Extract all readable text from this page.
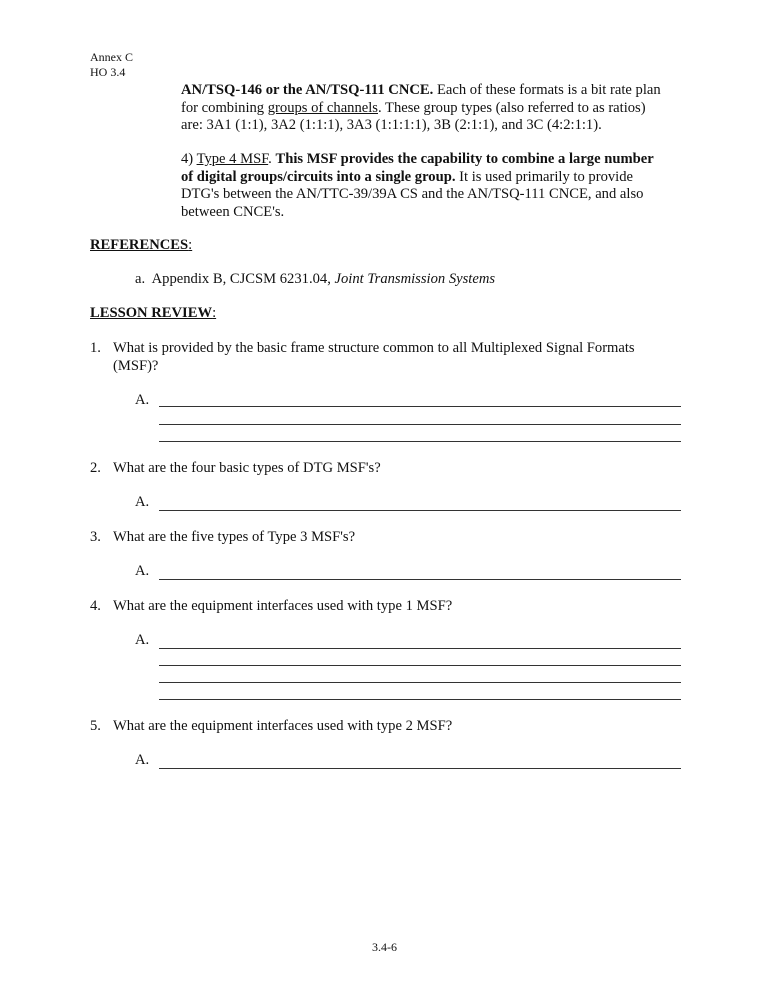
Annex C
HO 3.4
AN/TSQ-146 or the AN/TSQ-111 CNCE. Each of these formats is a bit rate plan for combining groups of channels. These group types (also referred to as ratios) are: 3A1 (1:1), 3A2 (1:1:1), 3A3 (1:1:1:1), 3B (2:1:1), and 3C (4:2:1:1).
4) Type 4 MSF. This MSF provides the capability to combine a large number of digital groups/circuits into a single group. It is used primarily to provide DTG's between the AN/TTC-39/39A CS and the AN/TSQ-111 CNCE, and also between CNCE's.
REFERENCES:
a. Appendix B, CJCSM 6231.04, Joint Transmission Systems
LESSON REVIEW:
1. What is provided by the basic frame structure common to all Multiplexed Signal Formats (MSF)?
A.
2. What are the four basic types of DTG MSF's?
A.
3. What are the five types of Type 3 MSF's?
A.
4. What are the equipment interfaces used with type 1 MSF?
A.
5. What are the equipment interfaces used with type 2 MSF?
A.
3.4-6
